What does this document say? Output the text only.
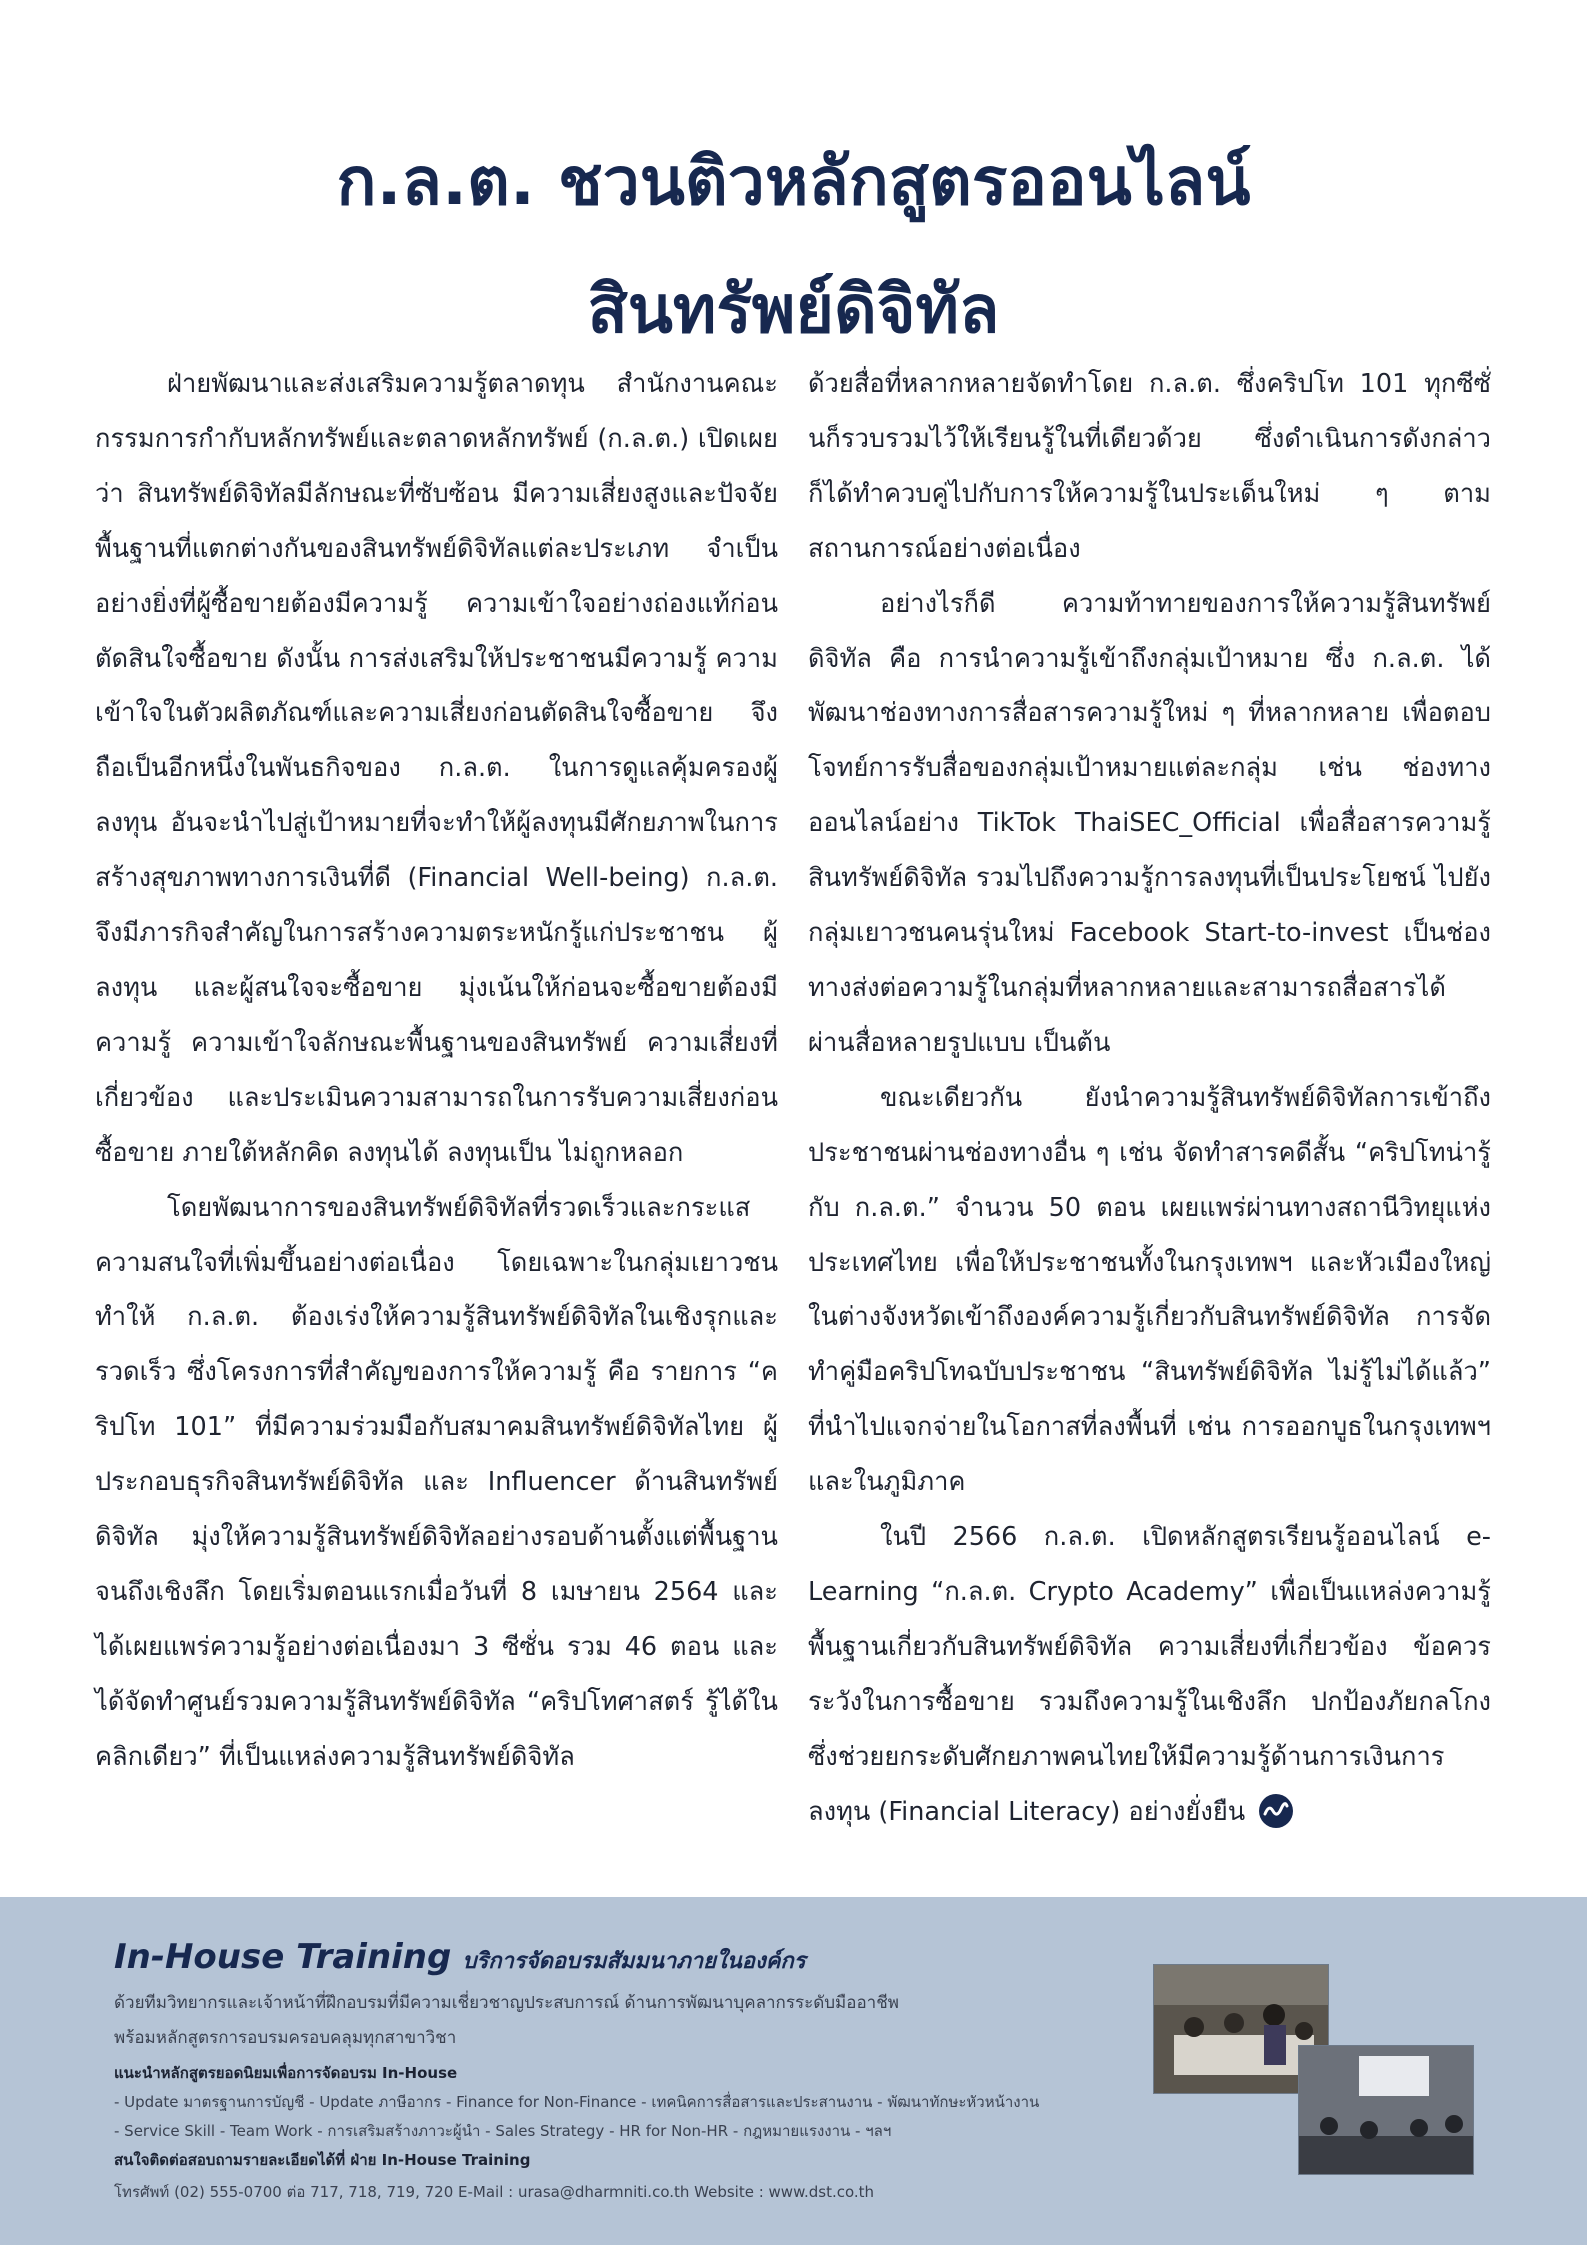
ก.ล.ต. ชวนติวหลักสูตรออนไลน์
สินทรัพย์ดิจิทัล

ฝ่ายพัฒนาและส่งเสริมความรู้ตลาดทุน สำนักงานคณะกรรมการกำกับหลักทรัพย์และตลาดหลักทรัพย์ (ก.ล.ต.) เปิดเผยว่า สินทรัพย์ดิจิทัลมีลักษณะที่ซับซ้อน มีความเสี่ยงสูงและปัจจัยพื้นฐานที่แตกต่างกันของสินทรัพย์ดิจิทัลแต่ละประเภท จำเป็นอย่างยิ่งที่ผู้ซื้อขายต้องมีความรู้ ความเข้าใจอย่างถ่องแท้ก่อนตัดสินใจซื้อขาย ดังนั้น การส่งเสริมให้ประชาชนมีความรู้ ความเข้าใจในตัวผลิตภัณฑ์และความเสี่ยงก่อนตัดสินใจซื้อขาย จึงถือเป็นอีกหนึ่งในพันธกิจของ ก.ล.ต. ในการดูแลคุ้มครองผู้ลงทุน อันจะนำไปสู่เป้าหมายที่จะทำให้ผู้ลงทุนมีศักยภาพในการสร้างสุขภาพทางการเงินที่ดี (Financial Well-being) ก.ล.ต. จึงมีภารกิจสำคัญในการสร้างความตระหนักรู้แก่ประชาชน ผู้ลงทุน และผู้สนใจจะซื้อขาย มุ่งเน้นให้ก่อนจะซื้อขายต้องมีความรู้ ความเข้าใจลักษณะพื้นฐานของสินทรัพย์ ความเสี่ยงที่เกี่ยวข้อง และประเมินความสามารถในการรับความเสี่ยงก่อนซื้อขาย ภายใต้หลักคิด ลงทุนได้ ลงทุนเป็น ไม่ถูกหลอก

โดยพัฒนาการของสินทรัพย์ดิจิทัลที่รวดเร็วและกระแสความสนใจที่เพิ่มขึ้นอย่างต่อเนื่อง โดยเฉพาะในกลุ่มเยาวชน ทำให้ ก.ล.ต. ต้องเร่งให้ความรู้สินทรัพย์ดิจิทัลในเชิงรุกและรวดเร็ว ซึ่งโครงการที่สำคัญของการให้ความรู้ คือ รายการ “คริปโท 101” ที่มีความร่วมมือกับสมาคมสินทรัพย์ดิจิทัลไทย ผู้ประกอบธุรกิจสินทรัพย์ดิจิทัล และ Influencer ด้านสินทรัพย์ดิจิทัล มุ่งให้ความรู้สินทรัพย์ดิจิทัลอย่างรอบด้านตั้งแต่พื้นฐานจนถึงเชิงลึก โดยเริ่มตอนแรกเมื่อวันที่ 8 เมษายน 2564 และได้เผยแพร่ความรู้อย่างต่อเนื่องมา 3 ซีซั่น รวม 46 ตอน และได้จัดทำศูนย์รวมความรู้สินทรัพย์ดิจิทัล “คริปโทศาสตร์ รู้ได้ในคลิกเดียว” ที่เป็นแหล่งความรู้สินทรัพย์ดิจิทัล

ด้วยสื่อที่หลากหลายจัดทำโดย ก.ล.ต. ซึ่งคริปโท 101 ทุกซีซั่นก็รวบรวมไว้ให้เรียนรู้ในที่เดียวด้วย ซึ่งดำเนินการดังกล่าวก็ได้ทำควบคู่ไปกับการให้ความรู้ในประเด็นใหม่ ๆ ตามสถานการณ์อย่างต่อเนื่อง

อย่างไรก็ดี ความท้าทายของการให้ความรู้สินทรัพย์ดิจิทัล คือ การนำความรู้เข้าถึงกลุ่มเป้าหมาย ซึ่ง ก.ล.ต. ได้พัฒนาช่องทางการสื่อสารความรู้ใหม่ ๆ ที่หลากหลาย เพื่อตอบโจทย์การรับสื่อของกลุ่มเป้าหมายแต่ละกลุ่ม เช่น ช่องทางออนไลน์อย่าง TikTok ThaiSEC_Official เพื่อสื่อสารความรู้สินทรัพย์ดิจิทัล รวมไปถึงความรู้การลงทุนที่เป็นประโยชน์ ไปยังกลุ่มเยาวชนคนรุ่นใหม่ Facebook Start-to-invest เป็นช่องทางส่งต่อความรู้ในกลุ่มที่หลากหลายและสามารถสื่อสารได้ผ่านสื่อหลายรูปแบบ เป็นต้น

ขณะเดียวกัน ยังนำความรู้สินทรัพย์ดิจิทัลการเข้าถึงประชาชนผ่านช่องทางอื่น ๆ เช่น จัดทำสารคดีสั้น “คริปโทน่ารู้กับ ก.ล.ต.” จำนวน 50 ตอน เผยแพร่ผ่านทางสถานีวิทยุแห่งประเทศไทย เพื่อให้ประชาชนทั้งในกรุงเทพฯ และหัวเมืองใหญ่ในต่างจังหวัดเข้าถึงองค์ความรู้เกี่ยวกับสินทรัพย์ดิจิทัล การจัดทำคู่มือคริปโทฉบับประชาชน “สินทรัพย์ดิจิทัล ไม่รู้ไม่ได้แล้ว” ที่นำไปแจกจ่ายในโอกาสที่ลงพื้นที่ เช่น การออกบูธในกรุงเทพฯ และในภูมิภาค

ในปี 2566 ก.ล.ต. เปิดหลักสูตรเรียนรู้ออนไลน์ e-Learning “ก.ล.ต. Crypto Academy” เพื่อเป็นแหล่งความรู้พื้นฐานเกี่ยวกับสินทรัพย์ดิจิทัล ความเสี่ยงที่เกี่ยวข้อง ข้อควรระวังในการซื้อขาย รวมถึงความรู้ในเชิงลึก ปกป้องภัยกลโกง ซึ่งช่วยยกระดับศักยภาพคนไทยให้มีความรู้ด้านการเงินการลงทุน (Financial Literacy) อย่างยั่งยืน

In-House Training บริการจัดอบรมสัมมนาภายในองค์กร
ด้วยทีมวิทยากรและเจ้าหน้าที่ฝึกอบรมที่มีความเชี่ยวชาญประสบการณ์ ด้านการพัฒนาบุคลากรระดับมืออาชีพ
พร้อมหลักสูตรการอบรมครอบคลุมทุกสาขาวิชา
แนะนำหลักสูตรยอดนิยมเพื่อการจัดอบรม In-House
- Update มาตรฐานการบัญชี - Update ภาษีอากร - Finance for Non-Finance - เทคนิคการสื่อสารและประสานงาน - พัฒนาทักษะหัวหน้างาน
- Service Skill - Team Work - การเสริมสร้างภาวะผู้นำ - Sales Strategy - HR for Non-HR - กฎหมายแรงงาน - ฯลฯ
สนใจติดต่อสอบถามรายละเอียดได้ที่ ฝ่าย In-House Training
โทรศัพท์ (02) 555-0700 ต่อ 717, 718, 719, 720 E-Mail : urasa@dharmniti.co.th Website : www.dst.co.th
